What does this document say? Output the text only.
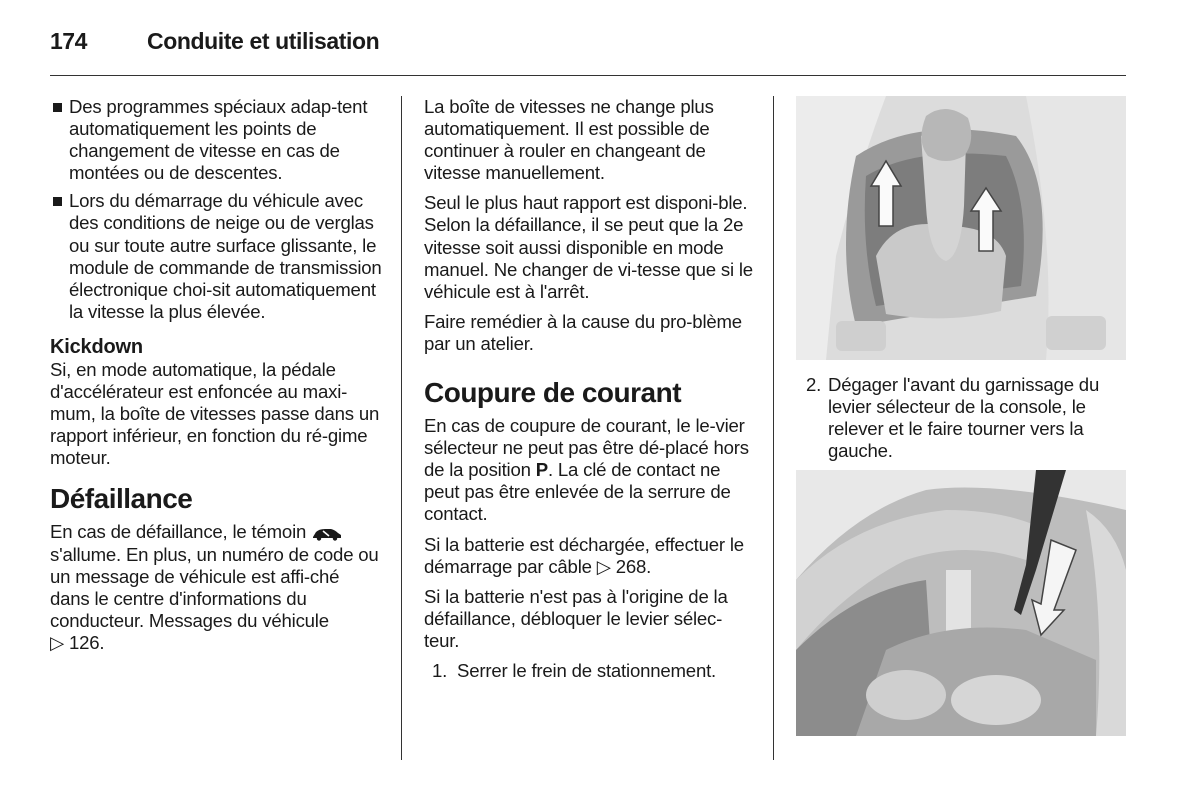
174	Conduite et utilisation
Des programmes spéciaux adap-tent automatiquement les points de changement de vitesse en cas de montées ou de descentes.
Lors du démarrage du véhicule avec des conditions de neige ou de verglas ou sur toute autre surface glissante, le module de commande de transmission électronique choi-sit automatiquement la vitesse la plus élevée.
Kickdown

Si, en mode automatique, la pédale d'accélérateur est enfoncée au maxi-mum, la boîte de vitesses passe dans un rapport inférieur, en fonction du ré-gime moteur.

Défaillance

En cas de défaillance, le témoin  s'allume. En plus, un numéro de code ou un message de véhicule est affi-ché dans le centre d'informations du conducteur. Messages du véhicule
▷ 126.

La boîte de vitesses ne change plus automatiquement. Il est possible de continuer à rouler en changeant de vitesse manuellement.

Seul le plus haut rapport est disponi-ble. Selon la défaillance, il se peut que la 2e vitesse soit aussi disponible en mode manuel. Ne changer de vi-tesse que si le véhicule est à l'arrêt.

Faire remédier à la cause du pro-blème par un atelier.

Coupure de courant

En cas de coupure de courant, le le-vier sélecteur ne peut pas être dé-placé hors de la position P. La clé de contact ne peut pas être enlevée de la serrure de contact.

Si la batterie est déchargée, effectuer le démarrage par câble ▷ 268.

Si la batterie n'est pas à l'origine de la défaillance, débloquer le levier sélec-teur.

1. Serrer le frein de stationnement.
2. Dégager l'avant du garnissage du levier sélecteur de la console, le relever et le faire tourner vers la gauche.
